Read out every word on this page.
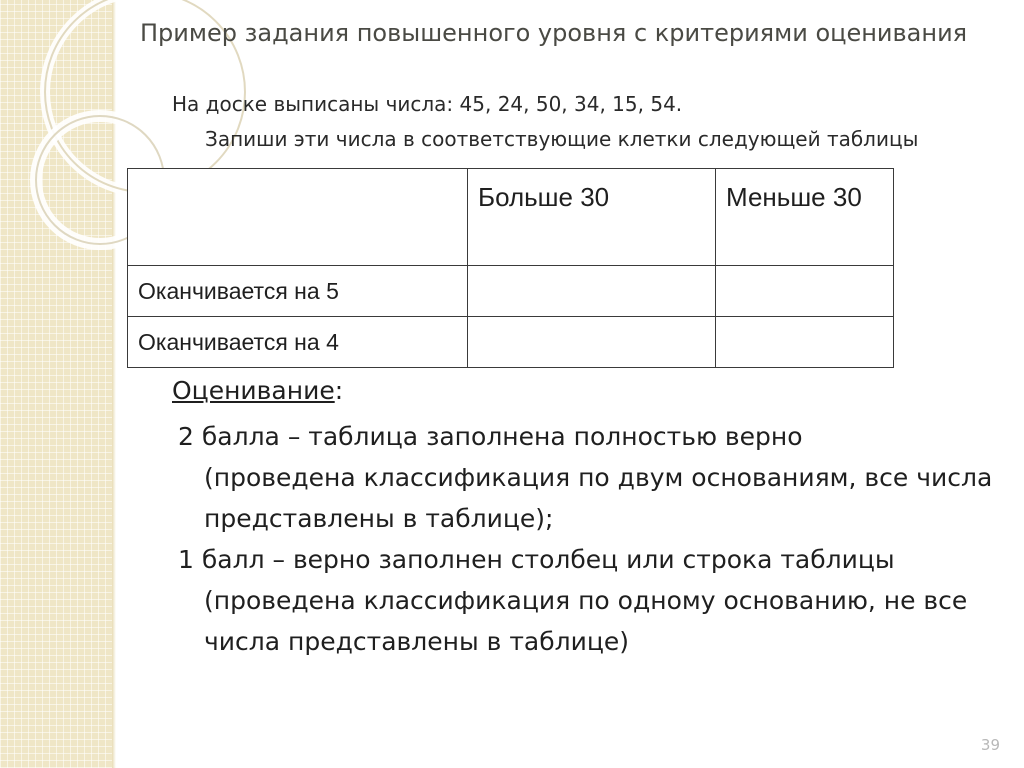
Пример задания повышенного уровня с критериями оценивания
На доске выписаны числа: 45, 24, 50, 34, 15, 54.
Запиши эти числа в соответствующие клетки следующей таблицы
	Больше 30	Меньше 30
Оканчивается на 5		
Оканчивается на 4		
Оценивание:
2 балла – таблица заполнена полностью верно
(проведена классификация по двум основаниям, все числа представлены в таблице);
1 балл – верно заполнен столбец или строка таблицы
(проведена классификация по одному основанию, не все числа представлены в таблице)
39
